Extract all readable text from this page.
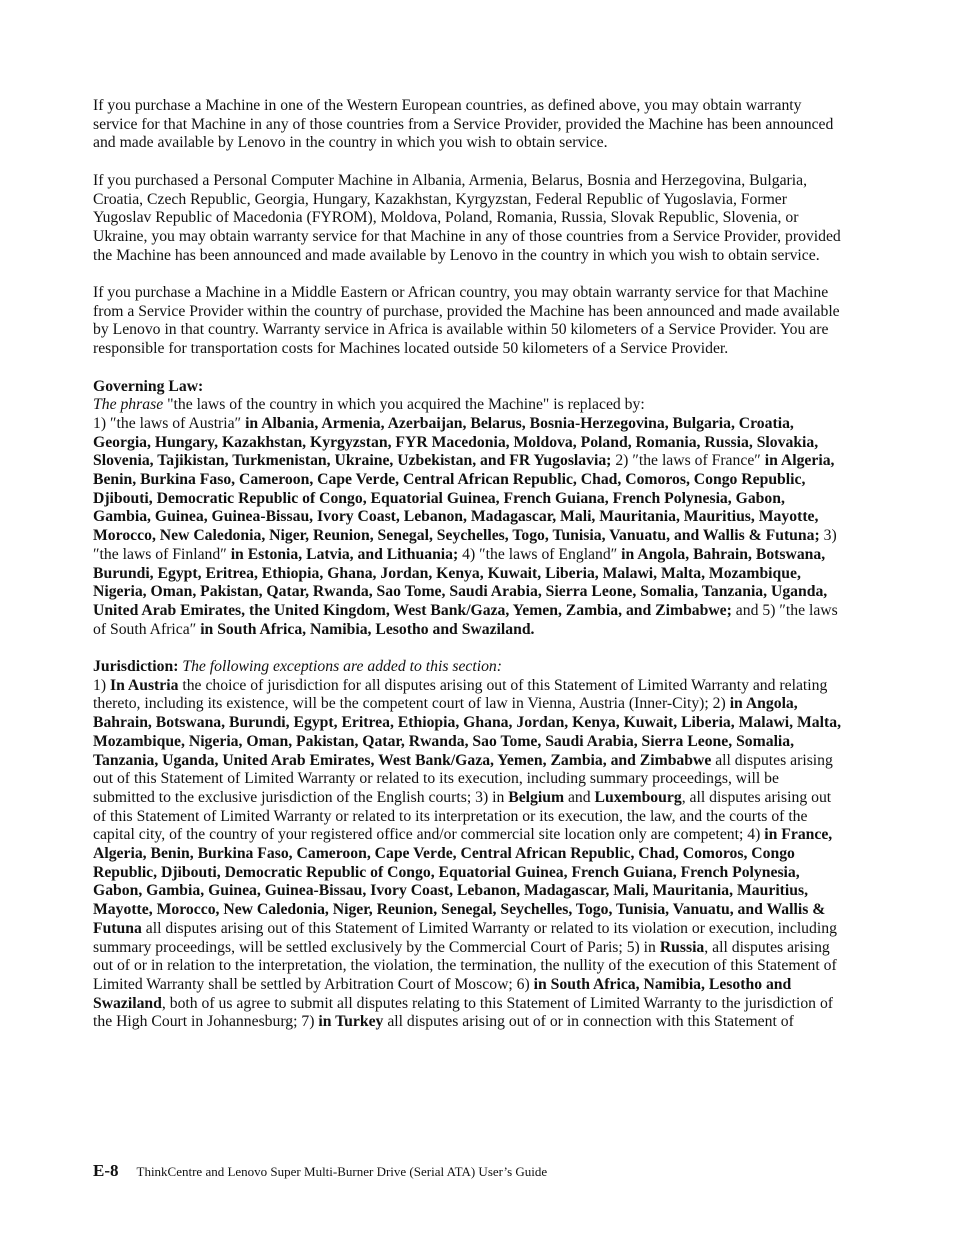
If you purchase a Machine in one of the Western European countries, as defined above, you may obtain warranty service for that Machine in any of those countries from a Service Provider, provided the Machine has been announced and made available by Lenovo in the country in which you wish to obtain service.

If you purchased a Personal Computer Machine in Albania, Armenia, Belarus, Bosnia and Herzegovina, Bulgaria, Croatia, Czech Republic, Georgia, Hungary, Kazakhstan, Kyrgyzstan, Federal Republic of Yugoslavia, Former Yugoslav Republic of Macedonia (FYROM), Moldova, Poland, Romania, Russia, Slovak Republic, Slovenia, or Ukraine, you may obtain warranty service for that Machine in any of those countries from a Service Provider, provided the Machine has been announced and made available by Lenovo in the country in which you wish to obtain service.

If you purchase a Machine in a Middle Eastern or African country, you may obtain warranty service for that Machine from a Service Provider within the country of purchase, provided the Machine has been announced and made available by Lenovo in that country. Warranty service in Africa is available within 50 kilometers of a Service Provider. You are responsible for transportation costs for Machines located outside 50 kilometers of a Service Provider.

Governing Law:
The phrase "the laws of the country in which you acquired the Machine" is replaced by:
1) ″the laws of Austria″ in Albania, Armenia, Azerbaijan, Belarus, Bosnia-Herzegovina, Bulgaria, Croatia, Georgia, Hungary, Kazakhstan, Kyrgyzstan, FYR Macedonia, Moldova, Poland, Romania, Russia, Slovakia, Slovenia, Tajikistan, Turkmenistan, Ukraine, Uzbekistan, and FR Yugoslavia; 2) ″the laws of France″ in Algeria, Benin, Burkina Faso, Cameroon, Cape Verde, Central African Republic, Chad, Comoros, Congo Republic, Djibouti, Democratic Republic of Congo, Equatorial Guinea, French Guiana, French Polynesia, Gabon, Gambia, Guinea, Guinea-Bissau, Ivory Coast, Lebanon, Madagascar, Mali, Mauritania, Mauritius, Mayotte, Morocco, New Caledonia, Niger, Reunion, Senegal, Seychelles, Togo, Tunisia, Vanuatu, and Wallis & Futuna; 3) ″the laws of Finland″ in Estonia, Latvia, and Lithuania; 4) ″the laws of England″ in Angola, Bahrain, Botswana, Burundi, Egypt, Eritrea, Ethiopia, Ghana, Jordan, Kenya, Kuwait, Liberia, Malawi, Malta, Mozambique, Nigeria, Oman, Pakistan, Qatar, Rwanda, Sao Tome, Saudi Arabia, Sierra Leone, Somalia, Tanzania, Uganda, United Arab Emirates, the United Kingdom, West Bank/Gaza, Yemen, Zambia, and Zimbabwe; and 5) ″the laws of South Africa″ in South Africa, Namibia, Lesotho and Swaziland.

Jurisdiction: The following exceptions are added to this section:
1) In Austria the choice of jurisdiction for all disputes arising out of this Statement of Limited Warranty and relating thereto, including its existence, will be the competent court of law in Vienna, Austria (Inner-City); 2) in Angola, Bahrain, Botswana, Burundi, Egypt, Eritrea, Ethiopia, Ghana, Jordan, Kenya, Kuwait, Liberia, Malawi, Malta, Mozambique, Nigeria, Oman, Pakistan, Qatar, Rwanda, Sao Tome, Saudi Arabia, Sierra Leone, Somalia, Tanzania, Uganda, United Arab Emirates, West Bank/Gaza, Yemen, Zambia, and Zimbabwe all disputes arising out of this Statement of Limited Warranty or related to its execution, including summary proceedings, will be submitted to the exclusive jurisdiction of the English courts; 3) in Belgium and Luxembourg, all disputes arising out of this Statement of Limited Warranty or related to its interpretation or its execution, the law, and the courts of the capital city, of the country of your registered office and/or commercial site location only are competent; 4) in France, Algeria, Benin, Burkina Faso, Cameroon, Cape Verde, Central African Republic, Chad, Comoros, Congo Republic, Djibouti, Democratic Republic of Congo, Equatorial Guinea, French Guiana, French Polynesia, Gabon, Gambia, Guinea, Guinea-Bissau, Ivory Coast, Lebanon, Madagascar, Mali, Mauritania, Mauritius, Mayotte, Morocco, New Caledonia, Niger, Reunion, Senegal, Seychelles, Togo, Tunisia, Vanuatu, and Wallis & Futuna all disputes arising out of this Statement of Limited Warranty or related to its violation or execution, including summary proceedings, will be settled exclusively by the Commercial Court of Paris; 5) in Russia, all disputes arising out of or in relation to the interpretation, the violation, the termination, the nullity of the execution of this Statement of Limited Warranty shall be settled by Arbitration Court of Moscow; 6) in South Africa, Namibia, Lesotho and Swaziland, both of us agree to submit all disputes relating to this Statement of Limited Warranty to the jurisdiction of the High Court in Johannesburg; 7) in Turkey all disputes arising out of or in connection with this Statement of

E-8 ThinkCentre and Lenovo Super Multi-Burner Drive (Serial ATA) User’s Guide
